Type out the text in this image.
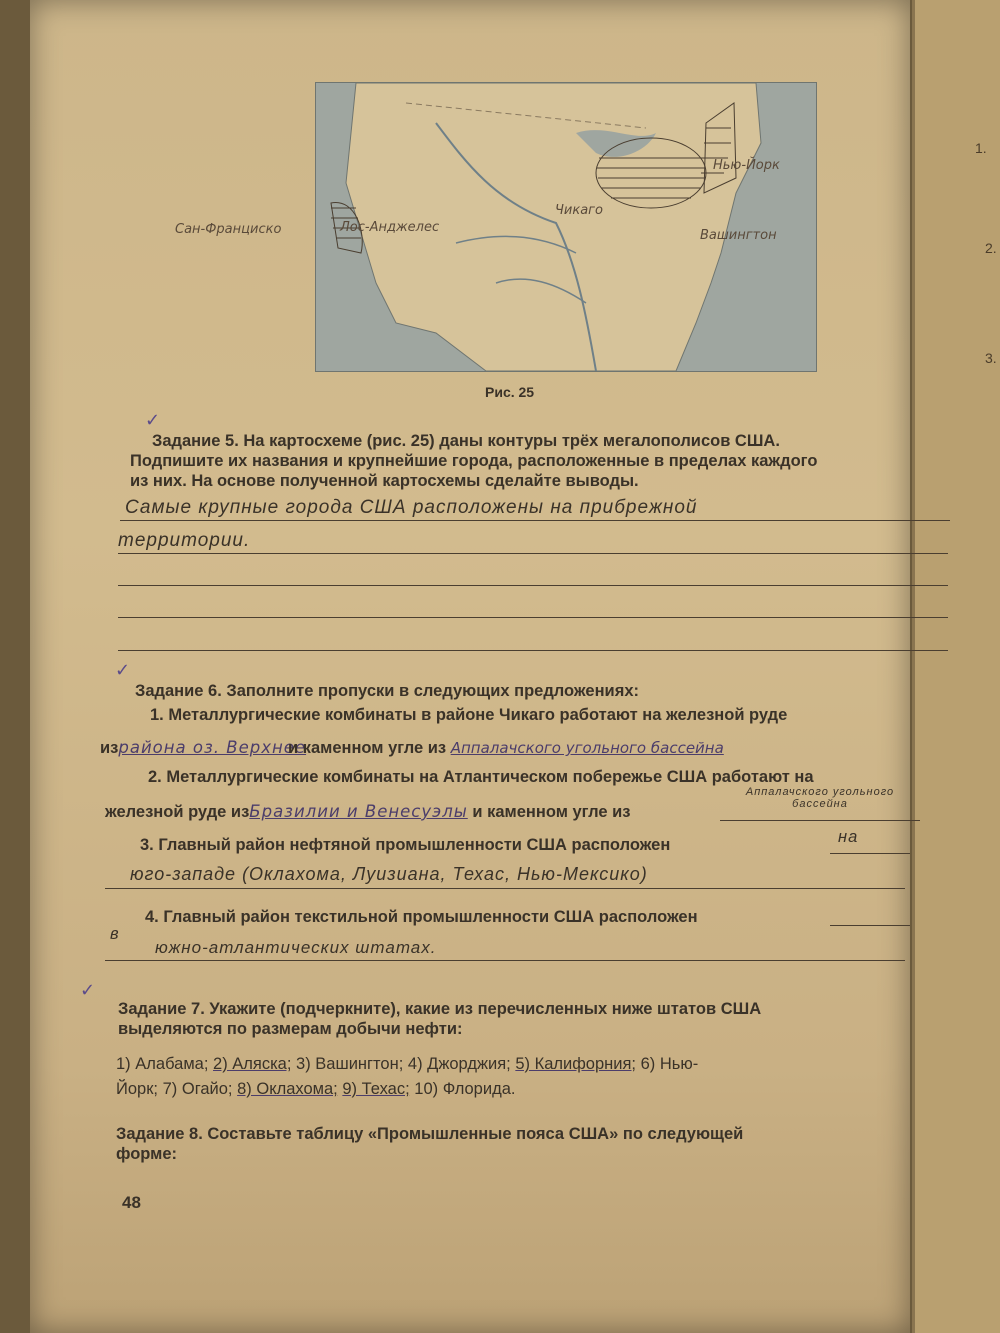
Сан-Франциско	Лос-Анджелес
Чикаго
Нью-Йорк
Вашингтон
Рис. 25
✓
Задание 5. На картосхеме (рис. 25) даны контуры трёх мегалополисов США.
Подпишите их названия и крупнейшие города, расположенные в пределах каждого
из них. На основе полученной картосхемы сделайте выводы.
Самые крупные города США расположены на прибрежной
территории.
✓
Задание 6. Заполните пропуски в следующих предложениях:
1. Металлургические комбинаты в районе Чикаго работают на железной руде
израйона оз. Верхнее и каменном угле из Аппалачского угольного бассейна
2. Металлургические комбинаты на Атлантическом побережье США работают на
железной руде изБразилии и Венесуэлы и каменном угле из
Аппалачского угольного бассейна
3. Главный район нефтяной промышленности США расположен	на
юго-западе (Оклахома, Луизиана, Техас, Нью-Мексико)
4. Главный район текстильной промышленности США расположен
в
южно-атлантических штатах.
✓
Задание 7. Укажите (подчеркните), какие из перечисленных ниже штатов США
выделяются по размерам добычи нефти:
1) Алабама; 2) Аляска; 3) Вашингтон; 4) Джорджия; 5) Калифорния; 6) Нью-
Йорк; 7) Огайо; 8) Оклахома; 9) Техас; 10) Флорида.
Задание 8. Составьте таблицу «Промышленные пояса США» по следующей
форме:
48
1.
2.
3.
